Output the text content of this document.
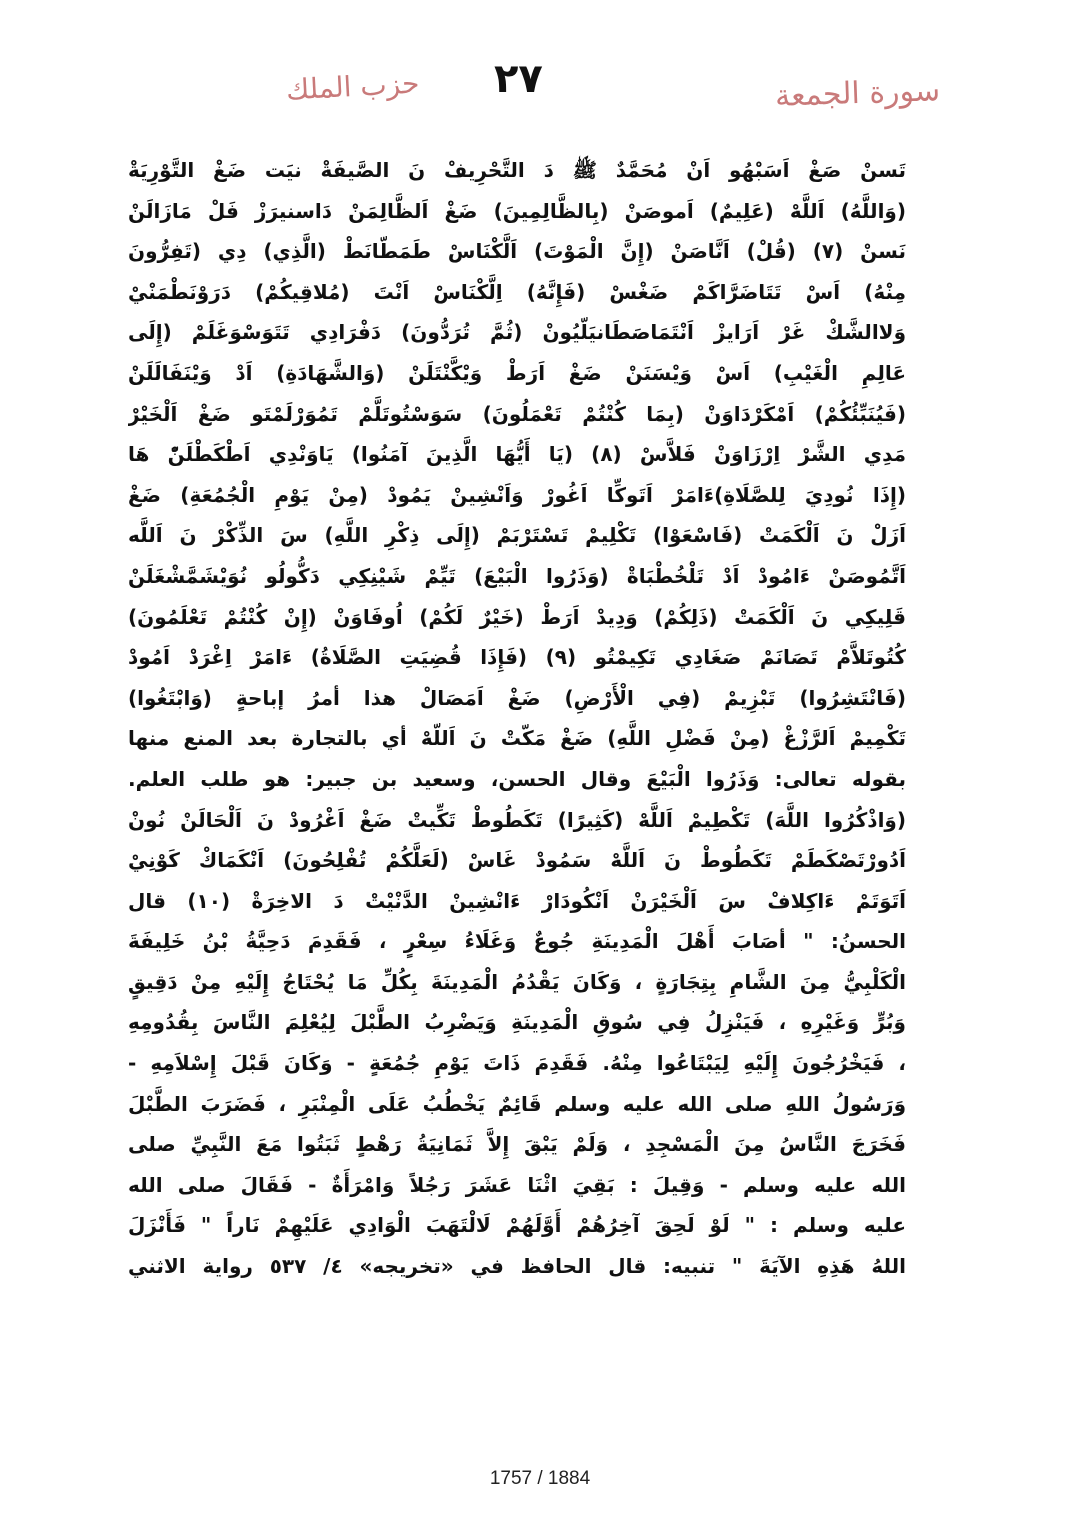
حزب الملك ٢٧	سورة الجمعة
تَسنْ صَغْ اَسَبْهُو اَنْ مُحَمَّدٌ ﷺ دَ التَّحْرِيفْ نَ الصَّيفَةْ نيَت ضَغْ التَّوْرِيَةْ
(وَاللَّهُ) اَللَّهْ (عَلِيمٌ) اَموصَنْ (بِالظَّالِمِينَ) ضَغْ اَلظَّالِمَنْ دَاسنيرَزْ فَلْ مَازَالَنْ
نَسنْ (٧) (قُلْ) اَنَّاصَنْ (إِنَّ الْمَوْتَ) اَلَّكْنَاسْ طَمَطّانَطْ (الَّذِي) دِي (تَفِرُّونَ
مِنْهُ) اَسْ تَتَاضَرَّاكَمْ ضَغْسْ (فَإِنَّهُ) اِلَّكْنَاسْ اَنْتَ (مُلاقِيكُمْ) دَرَوْنَطْمَنْيْ
وَلاالشَّكْ غَرْ اَرَايزْ اَنْتَمَاصَطَانيَلّيُونْ (ثُمَّ تُرَدُّونَ) دَفْرَادِي تَتَوَسْوَغَلَمْ (إِلَى
عَالِمِ الْغَيْبِ) اَسْ وَيْسَنَنْ ضَغْ اَرَطْ وَيْكَّنْتَلَنْ (وَالشَّهَادَةِ) اَدْ وَيْنَفَالَلَنْ
(فَيُنَبِّئُكُمْ) اَمْكَرْدَاوَنْ (بِمَا كُنْتُمْ تَعْمَلُونَ) سَوَسْتُوتَلَّمْ تَمُوَرْلَمْتَو ضَغْ اَلْخَيْرْ
مَدِي الشَّرْ اِرْزَاوَنْ فَلاَّسْ (٨) (يَا أَيُّهَا الَّذِينَ آمَنُوا) يَاوَنْدِي اَطْكَطْلَنّْ هَا
(إِذَا نُودِيَ لِلصَّلَاةِ)ءَامَرْ اَتَوكِّا اَغُورْ وَاَنْشِينْ يَمُودْ (مِنْ يَوْمِ الْجُمُعَةِ) ضَغْ
اَزَلْ نَ اَلْكَمَتْ (فَاسْعَوْا) تَكْلِيمْ تَسْتَرْبَمْ (إِلَى ذِكْرِ اللَّهِ) سَ الذِّكْرْ نَ اَللَّه
اَتَّمُوصَنْ ءَامُودْ اَدْ تَلْخُطْبَاةْ (وَذَرُوا الْبَيْعَ) تَيِّمْ شَيْنِكِي دَكُّولُو نُوَيْشَمَّشْغَلَنْ
قَلِيكِي نَ اَلْكَمَتْ (ذَلِكُمْ) وَدِيدْ اَرَطْ (خَيْرٌ لَكُمْ) اُوفَاوَنْ (إِنْ كُنْتُمْ تَعْلَمُونَ)
كُتُوتَلاَّمْ تَصَانَمْ صَغَادِي تَكِيمْتُو (٩) (فَإِذَا قُضِيَتِ الصَّلَاةُ) ءَامَرْ اِغْرَدْ اَمُودْ
(فَانْتَشِرُوا) تَبْزِيمْ (فِي الْأَرْضِ) ضَغْ اَمَصَالْ هذا أمرُ إباحةٍ (وَابْتَغُوا)
تَكْمِيمْ اَلرَّزْغْ (مِنْ فَضْلِ اللَّهِ) ضَغْ مَكّتْ نَ اَللّهْ أي بالتجارة بعد المنع منها
بقوله تعالى: وَذَرُوا الْبَيْعَ وقال الحسن، وسعيد بن جبير: هو طلب العلم.
(وَاذْكُرُوا اللَّهَ) تَكْطِيمْ اَللَّهْ (كَثِيرًا) تَكَطُوطْ تَكِّيتْ ضَغْ اَغْرُودْ نَ اَلْحَالَنْ نُونْ
اَدُورْتَصْكَطَمْ تَكَطُوطْ نَ اَللَّهْ سَمُودْ غَاسْ (لَعَلَّكُمْ تُفْلِحُونَ) اَنْكَمَاكْ كَوْنِيْ
اَتَوَتَمْ ءَاكِلافْ سَ اَلْخَيْرَنْ اَنْكُودَارْ ءَانْشِينْ الدَّنْيْتْ دَ الاخِرَةْ (١٠) قال
الحسنُ: " أصَابَ أَهْلَ الْمَدِينَةِ جُوعٌ وَغَلَاءُ سِعْرٍ ، فَقَدِمَ دَحِيَّةُ بْنُ خَلِيفَةَ
الْكَلْبِيُّ مِنَ الشَّامِ بِتِجَارَةٍ ، وَكَانَ يَقْدُمُ الْمَدِينَةَ بِكُلِّ مَا يُحْتَاجُ إِلَيْهِ مِنْ دَقِيقٍ
وَبُرٍّ وَغَيْرِهِ ، فَيَنْزِلُ فِي سُوقِ الْمَدِينَةِ وَيَضْرِبُ الطَّبْلَ لِيُعْلِمَ النَّاسَ بِقُدُومِهِ
، فَيَخْرُجُونَ إِلَيْهِ لِيَبْتَاعُوا مِنْهُ. فَقَدِمَ ذَاتَ يَوْمِ جُمُعَةٍ - وَكَانَ قَبْلَ إِسْلاَمِهِ -
وَرَسُولُ اللهِ صلى الله عليه وسلم قَائِمٌ يَخْطُبُ عَلَى الْمِنْبَرِ ، فَضَرَبَ الطَّبْلَ
فَخَرَجَ النَّاسُ مِنَ الْمَسْجِدِ ، وَلَمْ يَبْقَ إِلاَّ ثَمَانِيَةُ رَهْطٍ ثَبَتُوا مَعَ النَّبِيِّ صلى
الله عليه وسلم - وَقِيلَ : بَقِيَ اثْنَا عَشَرَ رَجُلاً وَامْرَأَةٌ - فَقَالَ صلى الله
عليه وسلم : " لَوْ لَحِقَ آخِرُهُمْ أَوَّلَهُمْ لَالْتَهَبَ الْوَادِي عَلَيْهِمْ نَاراً " فَأَنْزَلَ
اللهُ هَذِهِ الآيَةَ " تنبيه: قال الحافظ في «تخريجه» ٤/ ٥٣٧ رواية الاثني
1757 / 1884
